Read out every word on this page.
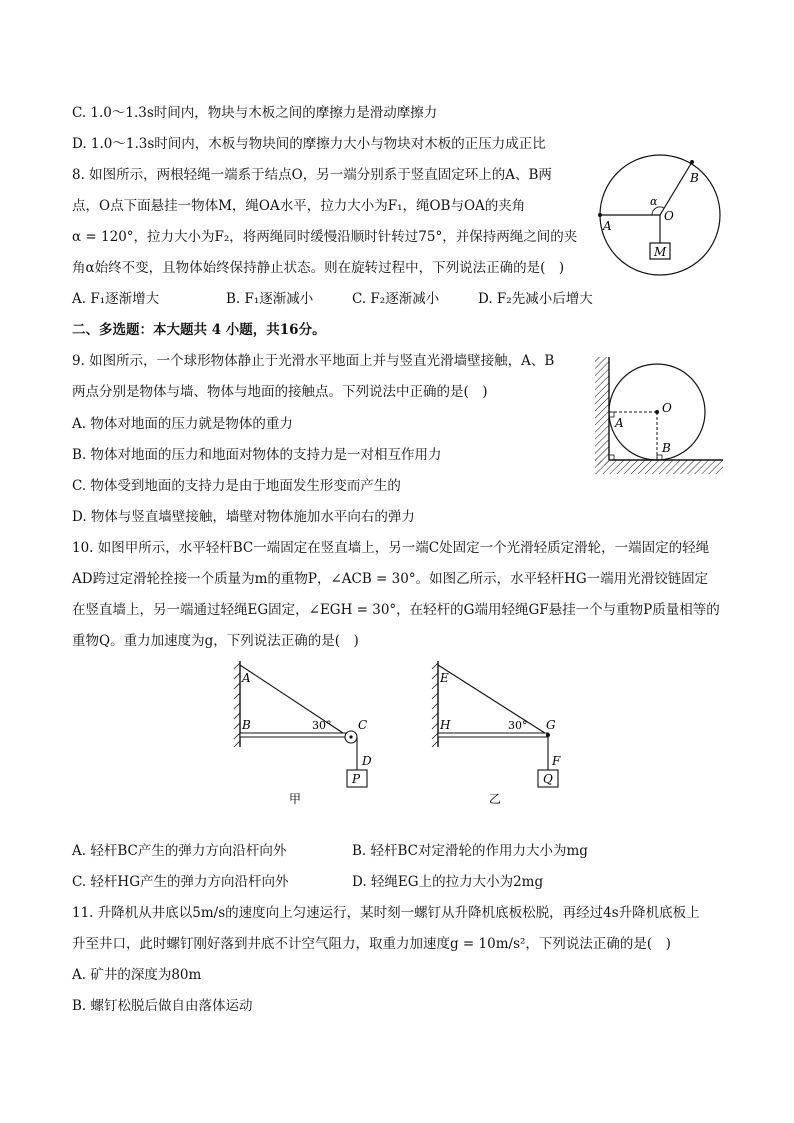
C. 1.0～1.3s时间内，物块与木板之间的摩擦力是滑动摩擦力
D. 1.0～1.3s时间内，木板与物块间的摩擦力大小与物块对木板的正压力成正比
8. 如图所示，两根轻绳一端系于结点O，另一端分别系于竖直固定环上的A、B两
点，O点下面悬挂一物体M，绳OA水平，拉力大小为F₁，绳OB与OA的夹角
α = 120°，拉力大小为F₂，将两绳同时缓慢沿顺时针转过75°，并保持两绳之间的夹
角α始终不变，且物体始终保持静止状态。则在旋转过程中，下列说法正确的是(　)
A. F₁逐渐增大	B. F₁逐渐减小	C. F₂逐渐减小	D. F₂先减小后增大
A
B
O
α
M
二、多选题：本大题共 4 小题，共16分。
9. 如图所示，一个球形物体静止于光滑水平地面上并与竖直光滑墙壁接触，A、B
两点分别是物体与墙、物体与地面的接触点。下列说法中正确的是(　)
A. 物体对地面的压力就是物体的重力
B. 物体对地面的压力和地面对物体的支持力是一对相互作用力
C. 物体受到地面的支持力是由于地面发生形变而产生的
D. 物体与竖直墙壁接触，墙壁对物体施加水平向右的弹力
O
A
B
10. 如图甲所示，水平轻杆BC一端固定在竖直墙上，另一端C处固定一个光滑轻质定滑轮，一端固定的轻绳
AD跨过定滑轮拴接一个质量为m的重物P，∠ACB = 30°。如图乙所示，水平轻杆HG一端用光滑铰链固定
在竖直墙上，另一端通过轻绳EG固定，∠EGH = 30°，在轻杆的G端用轻绳GF悬挂一个与重物P质量相等的
重物Q。重力加速度为g，下列说法正确的是(　)
A
B	C
D
P
30°
甲
E
H	G
F
Q
30°
乙
A. 轻杆BC产生的弹力方向沿杆向外	B. 轻杆BC对定滑轮的作用力大小为mg
C. 轻杆HG产生的弹力方向沿杆向外	D. 轻绳EG上的拉力大小为2mg
11. 升降机从井底以5m/s的速度向上匀速运行，某时刻一螺钉从升降机底板松脱，再经过4s升降机底板上
升至井口，此时螺钉刚好落到井底不计空气阻力，取重力加速度g = 10m/s²，下列说法正确的是(　)
A. 矿井的深度为80m
B. 螺钉松脱后做自由落体运动
